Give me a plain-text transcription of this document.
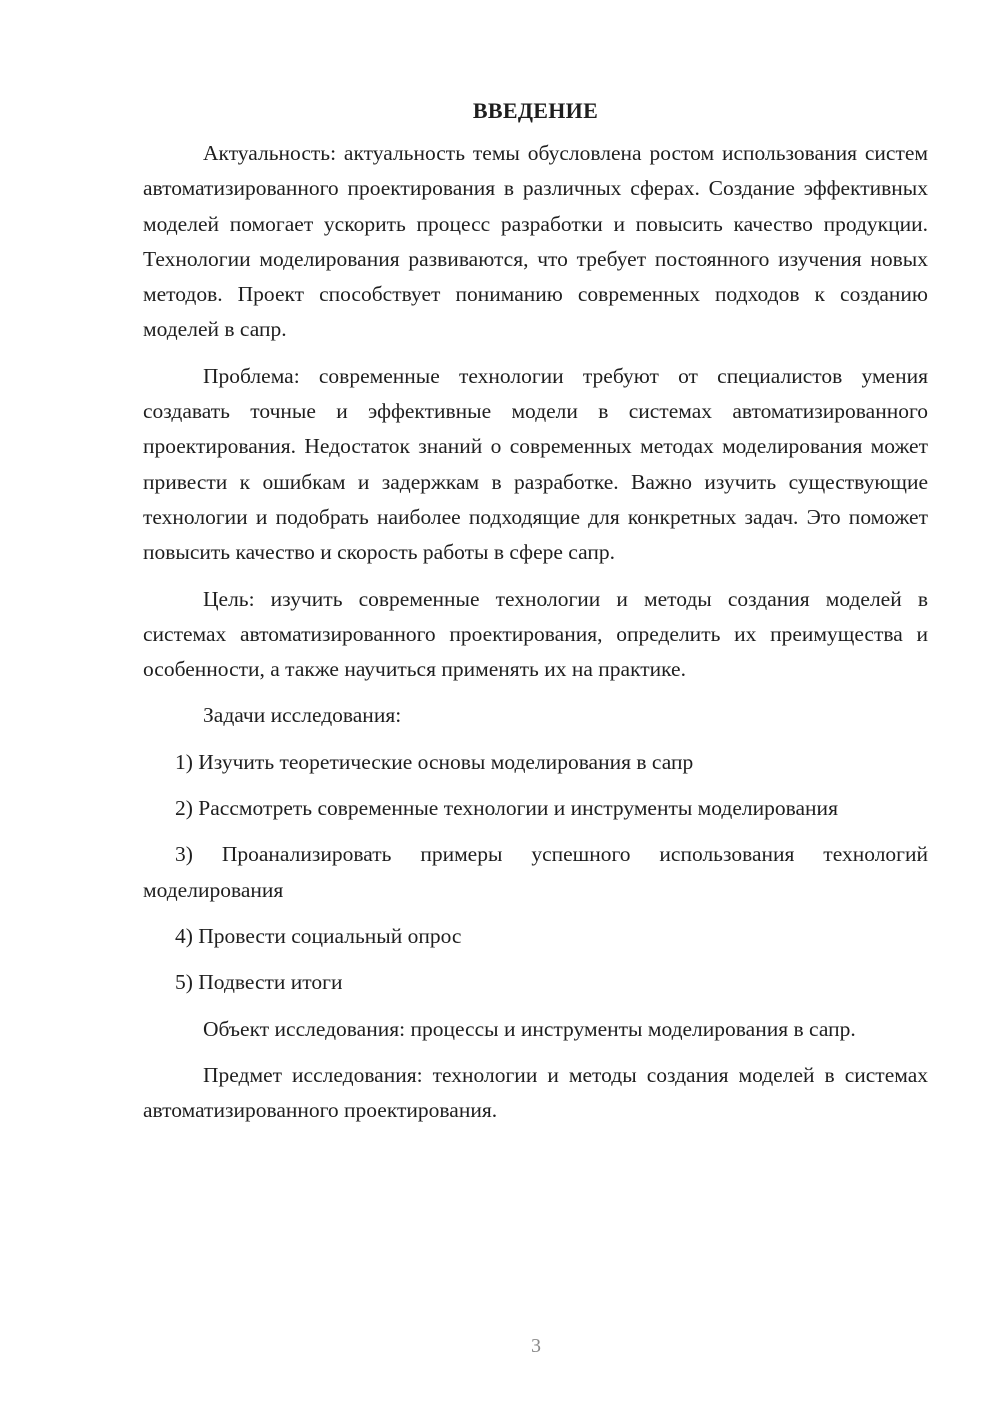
ВВЕДЕНИЕ

Актуальность: актуальность темы обусловлена ростом использования систем автоматизированного проектирования в различных сферах. Создание эффективных моделей помогает ускорить процесс разработки и повысить качество продукции. Технологии моделирования развиваются, что требует постоянного изучения новых методов. Проект способствует пониманию современных подходов к созданию моделей в сапр.

Проблема: современные технологии требуют от специалистов умения создавать точные и эффективные модели в системах автоматизированного проектирования. Недостаток знаний о современных методах моделирования может привести к ошибкам и задержкам в разработке. Важно изучить существующие технологии и подобрать наиболее подходящие для конкретных задач. Это поможет повысить качество и скорость работы в сфере сапр.

Цель: изучить современные технологии и методы создания моделей в системах автоматизированного проектирования, определить их преимущества и особенности, а также научиться применять их на практике.

Задачи исследования:

1) Изучить теоретические основы моделирования в сапр

2) Рассмотреть современные технологии и инструменты моделирования

3) Проанализировать примеры успешного использования технологий моделирования

4) Провести социальный опрос

5) Подвести итоги

Объект исследования: процессы и инструменты моделирования в сапр.

Предмет исследования: технологии и методы создания моделей в системах автоматизированного проектирования.

3
